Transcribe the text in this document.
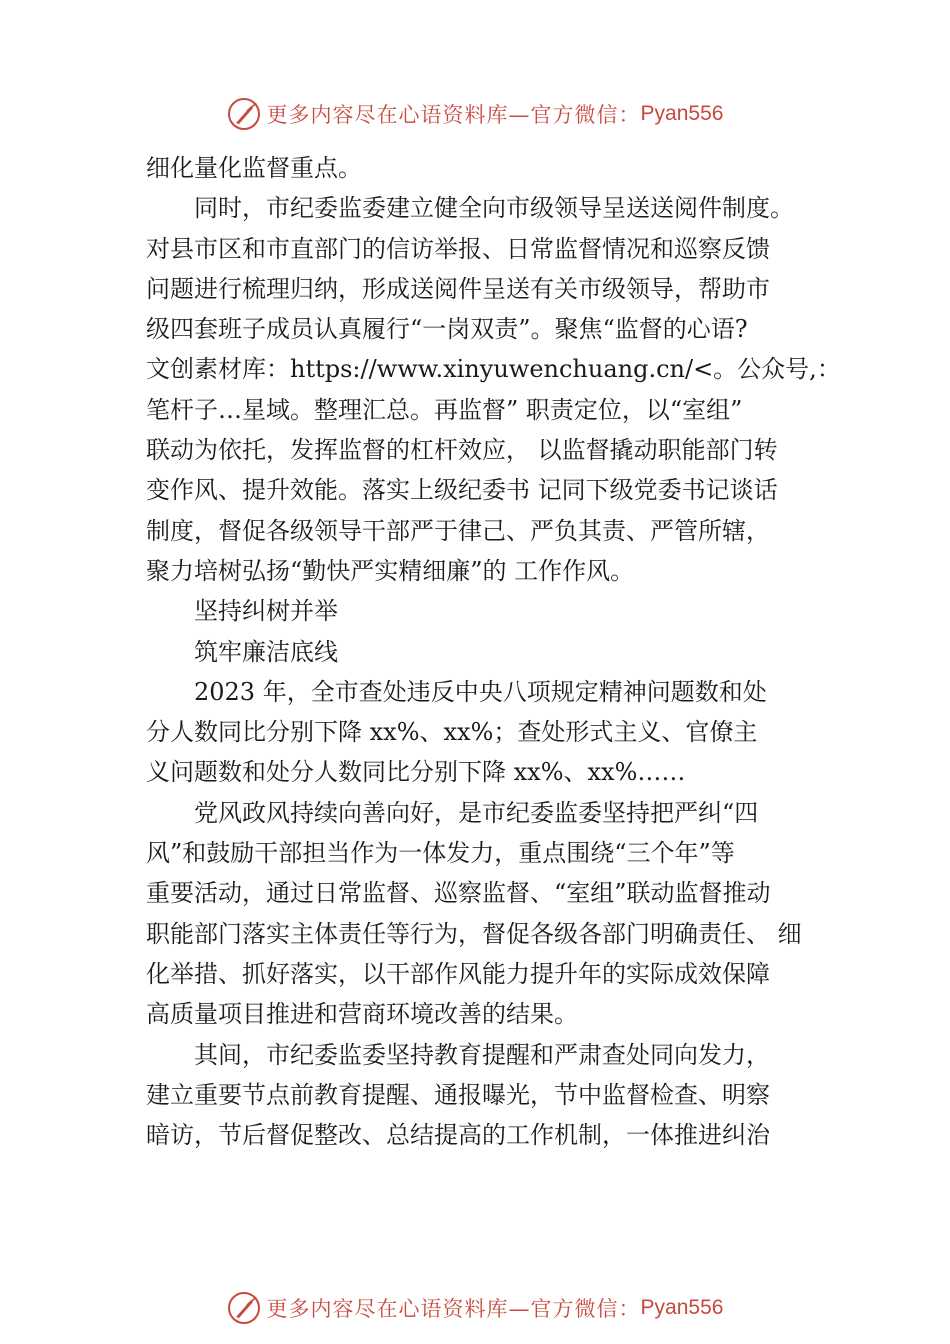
更多内容尽在心语资料库—官方微信： Pyan556
细化量化监督重点。
同时，市纪委监委建立健全向市级领导呈送送阅件制度。
对县市区和市直部门的信访举报、日常监督情况和巡察反馈
问题进行梳理归纳，形成送阅件呈送有关市级领导，帮助市
级四套班子成员认真履行“一岗双责”。聚焦“监督的心语?
文创素材库：https://www.xinyuwenchuang.cn/<。公众号,：
笔杆子…星域。整理汇总。再监督” 职责定位，以“室组”
联动为依托，发挥监督的杠杆效应， 以监督撬动职能部门转
变作风、提升效能。落实上级纪委书 记同下级党委书记谈话
制度，督促各级领导干部严于律己、严负其责、严管所辖，
聚力培树弘扬“勤快严实精细廉”的 工作作风。
坚持纠树并举
筑牢廉洁底线
2023 年，全市查处违反中央八项规定精神问题数和处
分人数同比分别下降 xx%、xx%；查处形式主义、官僚主
义问题数和处分人数同比分别下降 xx%、xx%……
党风政风持续向善向好，是市纪委监委坚持把严纠“四
风”和鼓励干部担当作为一体发力，重点围绕“三个年”等
重要活动，通过日常监督、巡察监督、“室组”联动监督推动
职能部门落实主体责任等行为，督促各级各部门明确责任、 细
化举措、抓好落实，以干部作风能力提升年的实际成效保障
高质量项目推进和营商环境改善的结果。
其间，市纪委监委坚持教育提醒和严肃查处同向发力，
建立重要节点前教育提醒、通报曝光，节中监督检查、明察
暗访，节后督促整改、总结提高的工作机制，一体推进纠治
更多内容尽在心语资料库—官方微信： Pyan556
